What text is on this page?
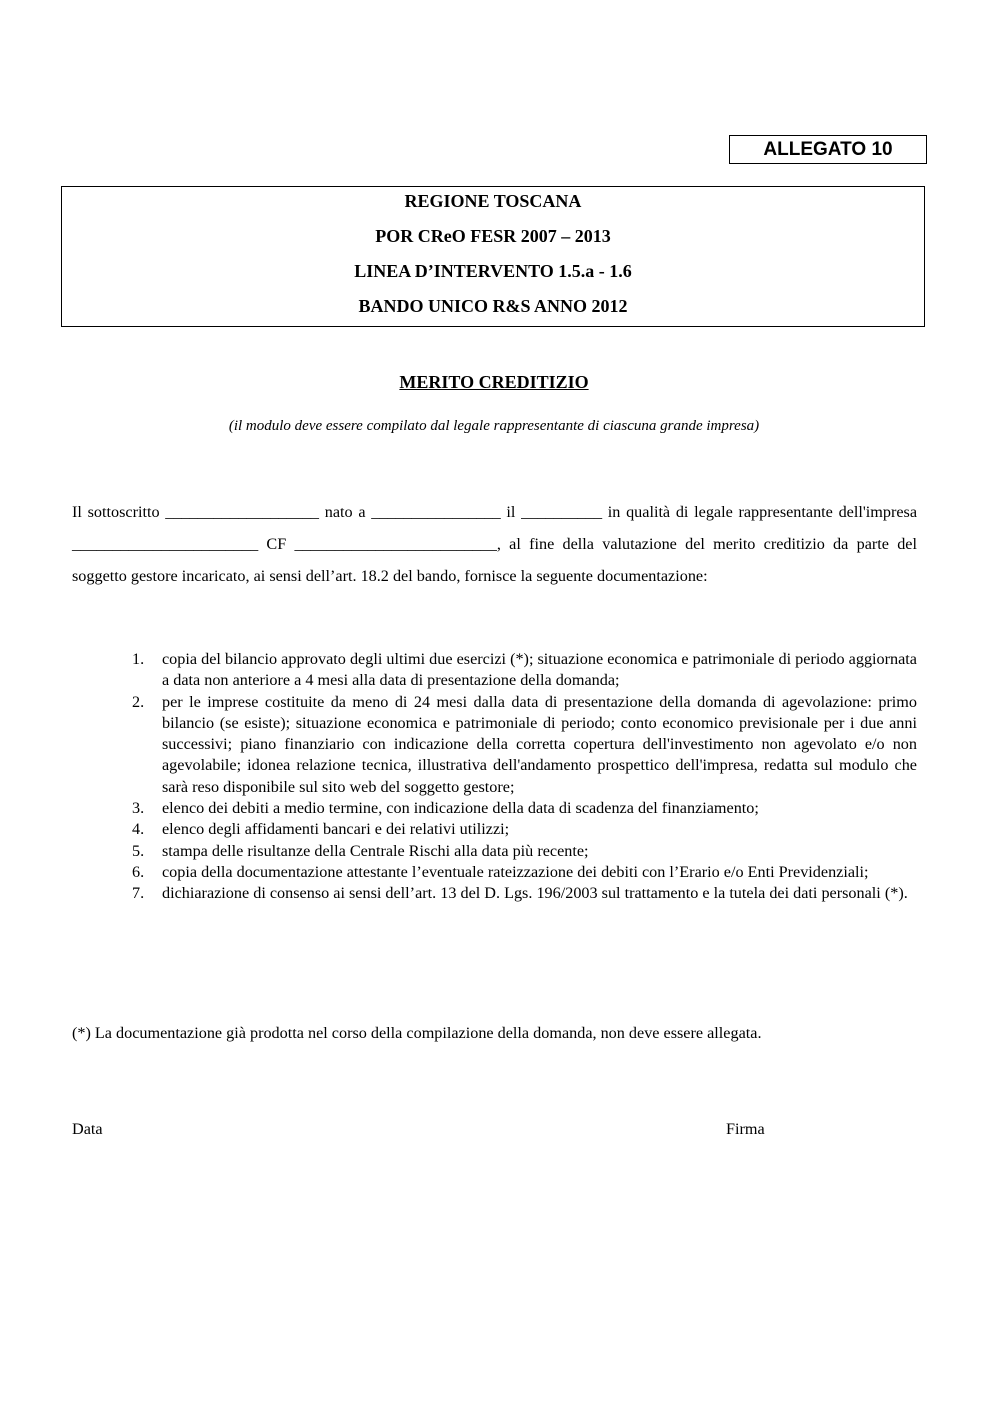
ALLEGATO 10
REGIONE TOSCANA
POR CReO FESR 2007 – 2013
LINEA D’INTERVENTO 1.5.a - 1.6
BANDO UNICO R&S ANNO 2012
MERITO CREDITIZIO
(il modulo deve essere compilato dal legale rappresentante di ciascuna grande impresa)

Il sottoscritto ___________________ nato a ________________ il __________ in qualità di legale rappresentante dell'impresa _______________________ CF _________________________, al fine della valutazione del merito creditizio da parte del soggetto gestore incaricato, ai sensi dell’art. 18.2 del bando, fornisce la seguente documentazione:

1. copia del bilancio approvato degli ultimi due esercizi (*); situazione economica e patrimoniale di periodo aggiornata a data non anteriore a 4 mesi alla data di presentazione della domanda;
2. per le imprese costituite da meno di 24 mesi dalla data di presentazione della domanda di agevolazione: primo bilancio (se esiste); situazione economica e patrimoniale di periodo; conto economico previsionale per i due anni successivi; piano finanziario con indicazione della corretta copertura dell'investimento non agevolato e/o non agevolabile; idonea relazione tecnica, illustrativa dell'andamento prospettico dell'impresa, redatta sul modulo che sarà reso disponibile sul sito web del soggetto gestore;
3. elenco dei debiti a medio termine, con indicazione della data di scadenza del finanziamento;
4. elenco degli affidamenti bancari e dei relativi utilizzi;
5. stampa delle risultanze della Centrale Rischi alla data più recente;
6. copia della documentazione attestante l’eventuale rateizzazione dei debiti con l’Erario e/o Enti Previdenziali;
7. dichiarazione di consenso ai sensi dell’art. 13 del D. Lgs. 196/2003 sul trattamento e la tutela dei dati personali (*).
(*) La documentazione già prodotta nel corso della compilazione della domanda, non deve essere allegata.
Data	Firma
